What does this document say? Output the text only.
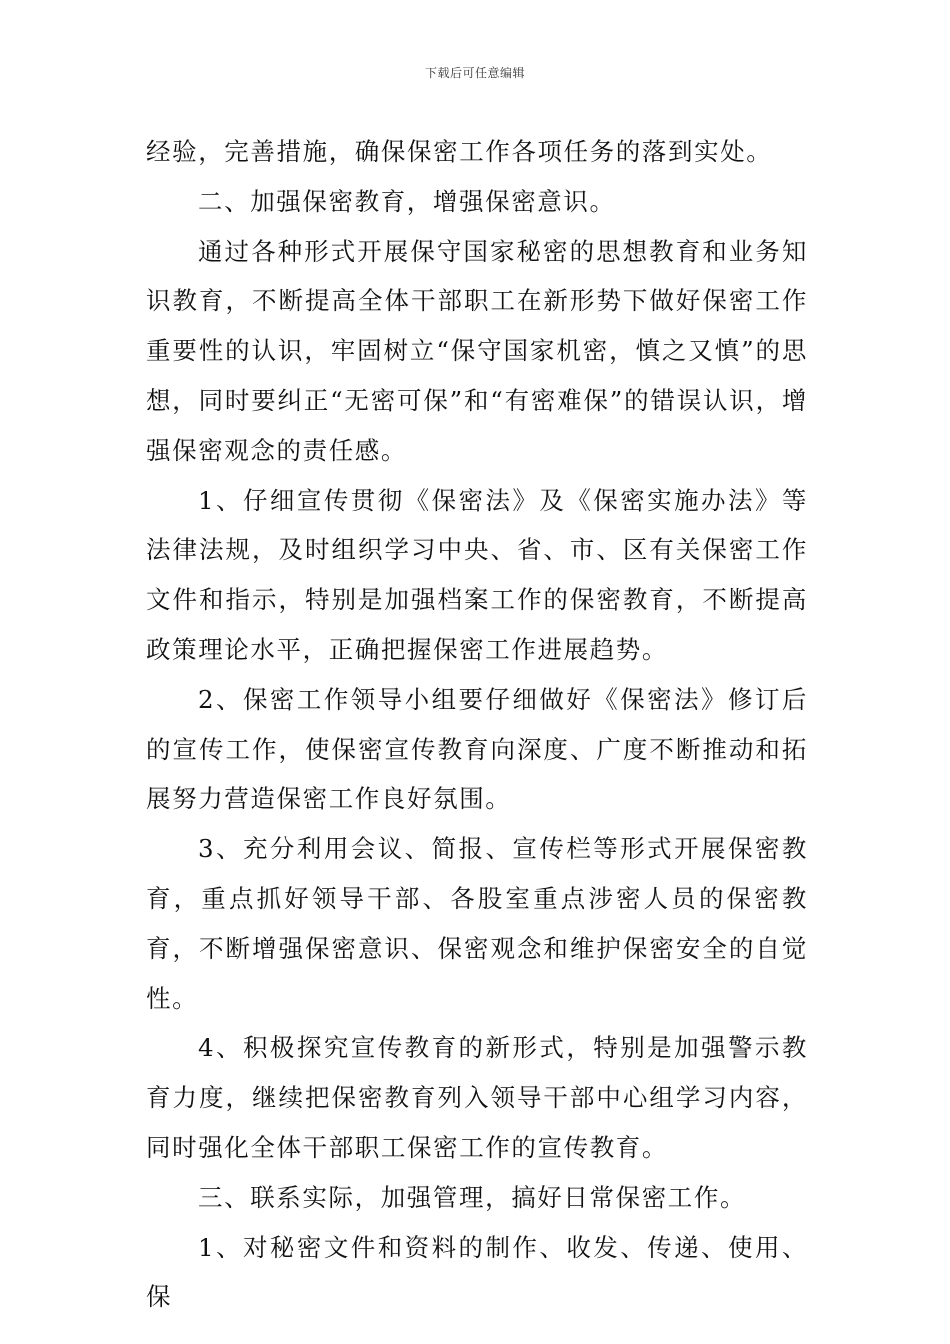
下载后可任意编辑

经验，完善措施，确保保密工作各项任务的落到实处。

二、加强保密教育，增强保密意识。

通过各种形式开展保守国家秘密的思想教育和业务知识教育，不断提高全体干部职工在新形势下做好保密工作重要性的认识，牢固树立“保守国家机密，慎之又慎”的思想，同时要纠正“无密可保”和“有密难保”的错误认识，增强保密观念的责任感。

1、仔细宣传贯彻《保密法》及《保密实施办法》等法律法规，及时组织学习中央、省、市、区有关保密工作文件和指示，特别是加强档案工作的保密教育，不断提高政策理论水平，正确把握保密工作进展趋势。

2、保密工作领导小组要仔细做好《保密法》修订后的宣传工作，使保密宣传教育向深度、广度不断推动和拓展努力营造保密工作良好氛围。

3、充分利用会议、简报、宣传栏等形式开展保密教育，重点抓好领导干部、各股室重点涉密人员的保密教育，不断增强保密意识、保密观念和维护保密安全的自觉性。

4、积极探究宣传教育的新形式，特别是加强警示教育力度，继续把保密教育列入领导干部中心组学习内容，同时强化全体干部职工保密工作的宣传教育。

三、联系实际，加强管理，搞好日常保密工作。

1、对秘密文件和资料的制作、收发、传递、使用、保
